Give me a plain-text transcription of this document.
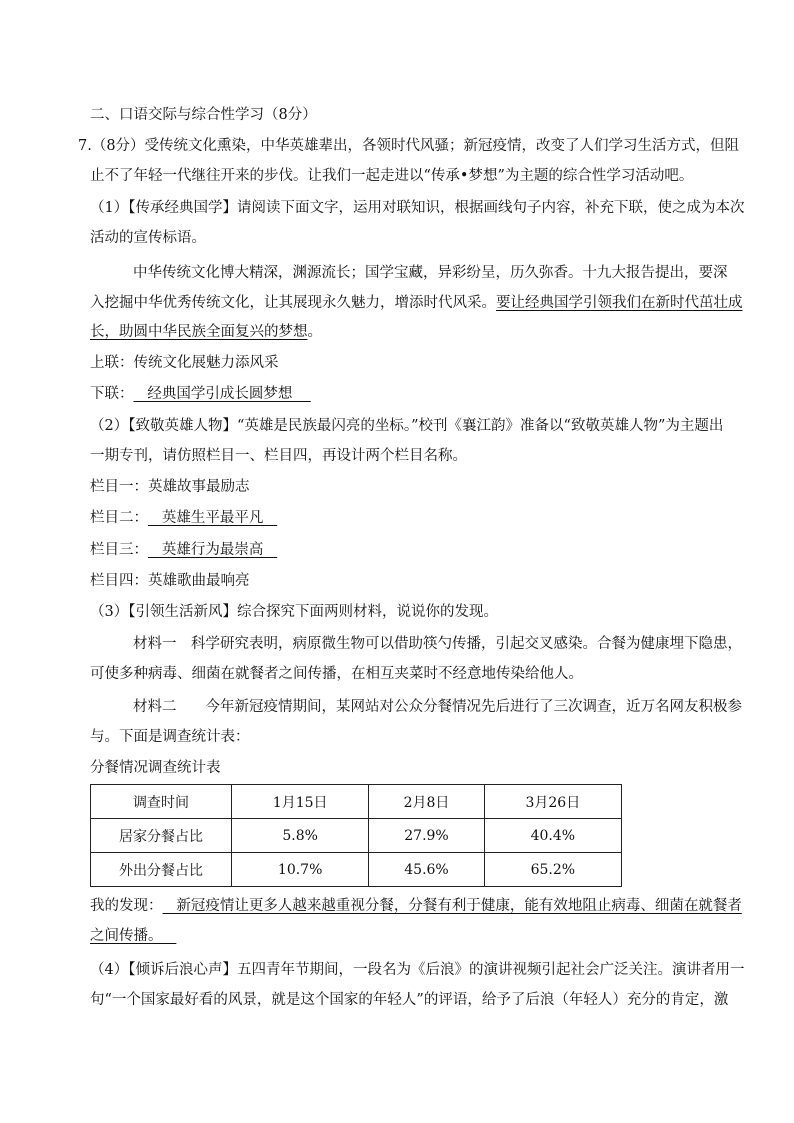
二、口语交际与综合性学习（8分）
7.（8分）受传统文化熏染，中华英雄辈出，各领时代风骚；新冠疫情，改变了人们学习生活方式，但阻
止不了年轻一代继往开来的步伐。让我们一起走进以“传承•梦想”为主题的综合性学习活动吧。
（1）【传承经典国学】请阅读下面文字，运用对联知识，根据画线句子内容，补充下联，使之成为本次
活动的宣传标语。
中华传统文化博大精深，渊源流长；国学宝藏，异彩纷呈，历久弥香。十九大报告提出，要深
入挖掘中华优秀传统文化，让其展现永久魅力，增添时代风采。要让经典国学引领我们在新时代茁壮成
长，助圆中华民族全面复兴的梦想。
上联：传统文化展魅力添风采
下联：   经典国学引成长圆梦想
（2）【致敬英雄人物】“英雄是民族最闪亮的坐标。”校刊《襄江韵》准备以“致敬英雄人物”为主题出
一期专刊，请仿照栏目一、栏目四，再设计两个栏目名称。
栏目一：英雄故事最励志
栏目二：   英雄生平最平凡
栏目三：   英雄行为最崇高
栏目四：英雄歌曲最响亮
（3）【引领生活新风】综合探究下面两则材料，说说你的发现。
材料一　科学研究表明，病原微生物可以借助筷勺传播，引起交叉感染。合餐为健康埋下隐患，
可使多种病毒、细菌在就餐者之间传播，在相互夹菜时不经意地传染给他人。
材料二　　今年新冠疫情期间，某网站对公众分餐情况先后进行了三次调查，近万名网友积极参
与。下面是调查统计表：
分餐情况调查统计表
调查时间	1月15日	2月8日	3月26日
居家分餐占比	5.8%	27.9%	40.4%
外出分餐占比	10.7%	45.6%	65.2%
我的发现：   新冠疫情让更多人越来越重视分餐，分餐有利于健康，能有效地阻止病毒、细菌在就餐者
之间传播。
（4）【倾诉后浪心声】五四青年节期间，一段名为《后浪》的演讲视频引起社会广泛关注。演讲者用一
句“一个国家最好看的风景，就是这个国家的年轻人”的评语，给予了后浪（年轻人）充分的肯定，激
